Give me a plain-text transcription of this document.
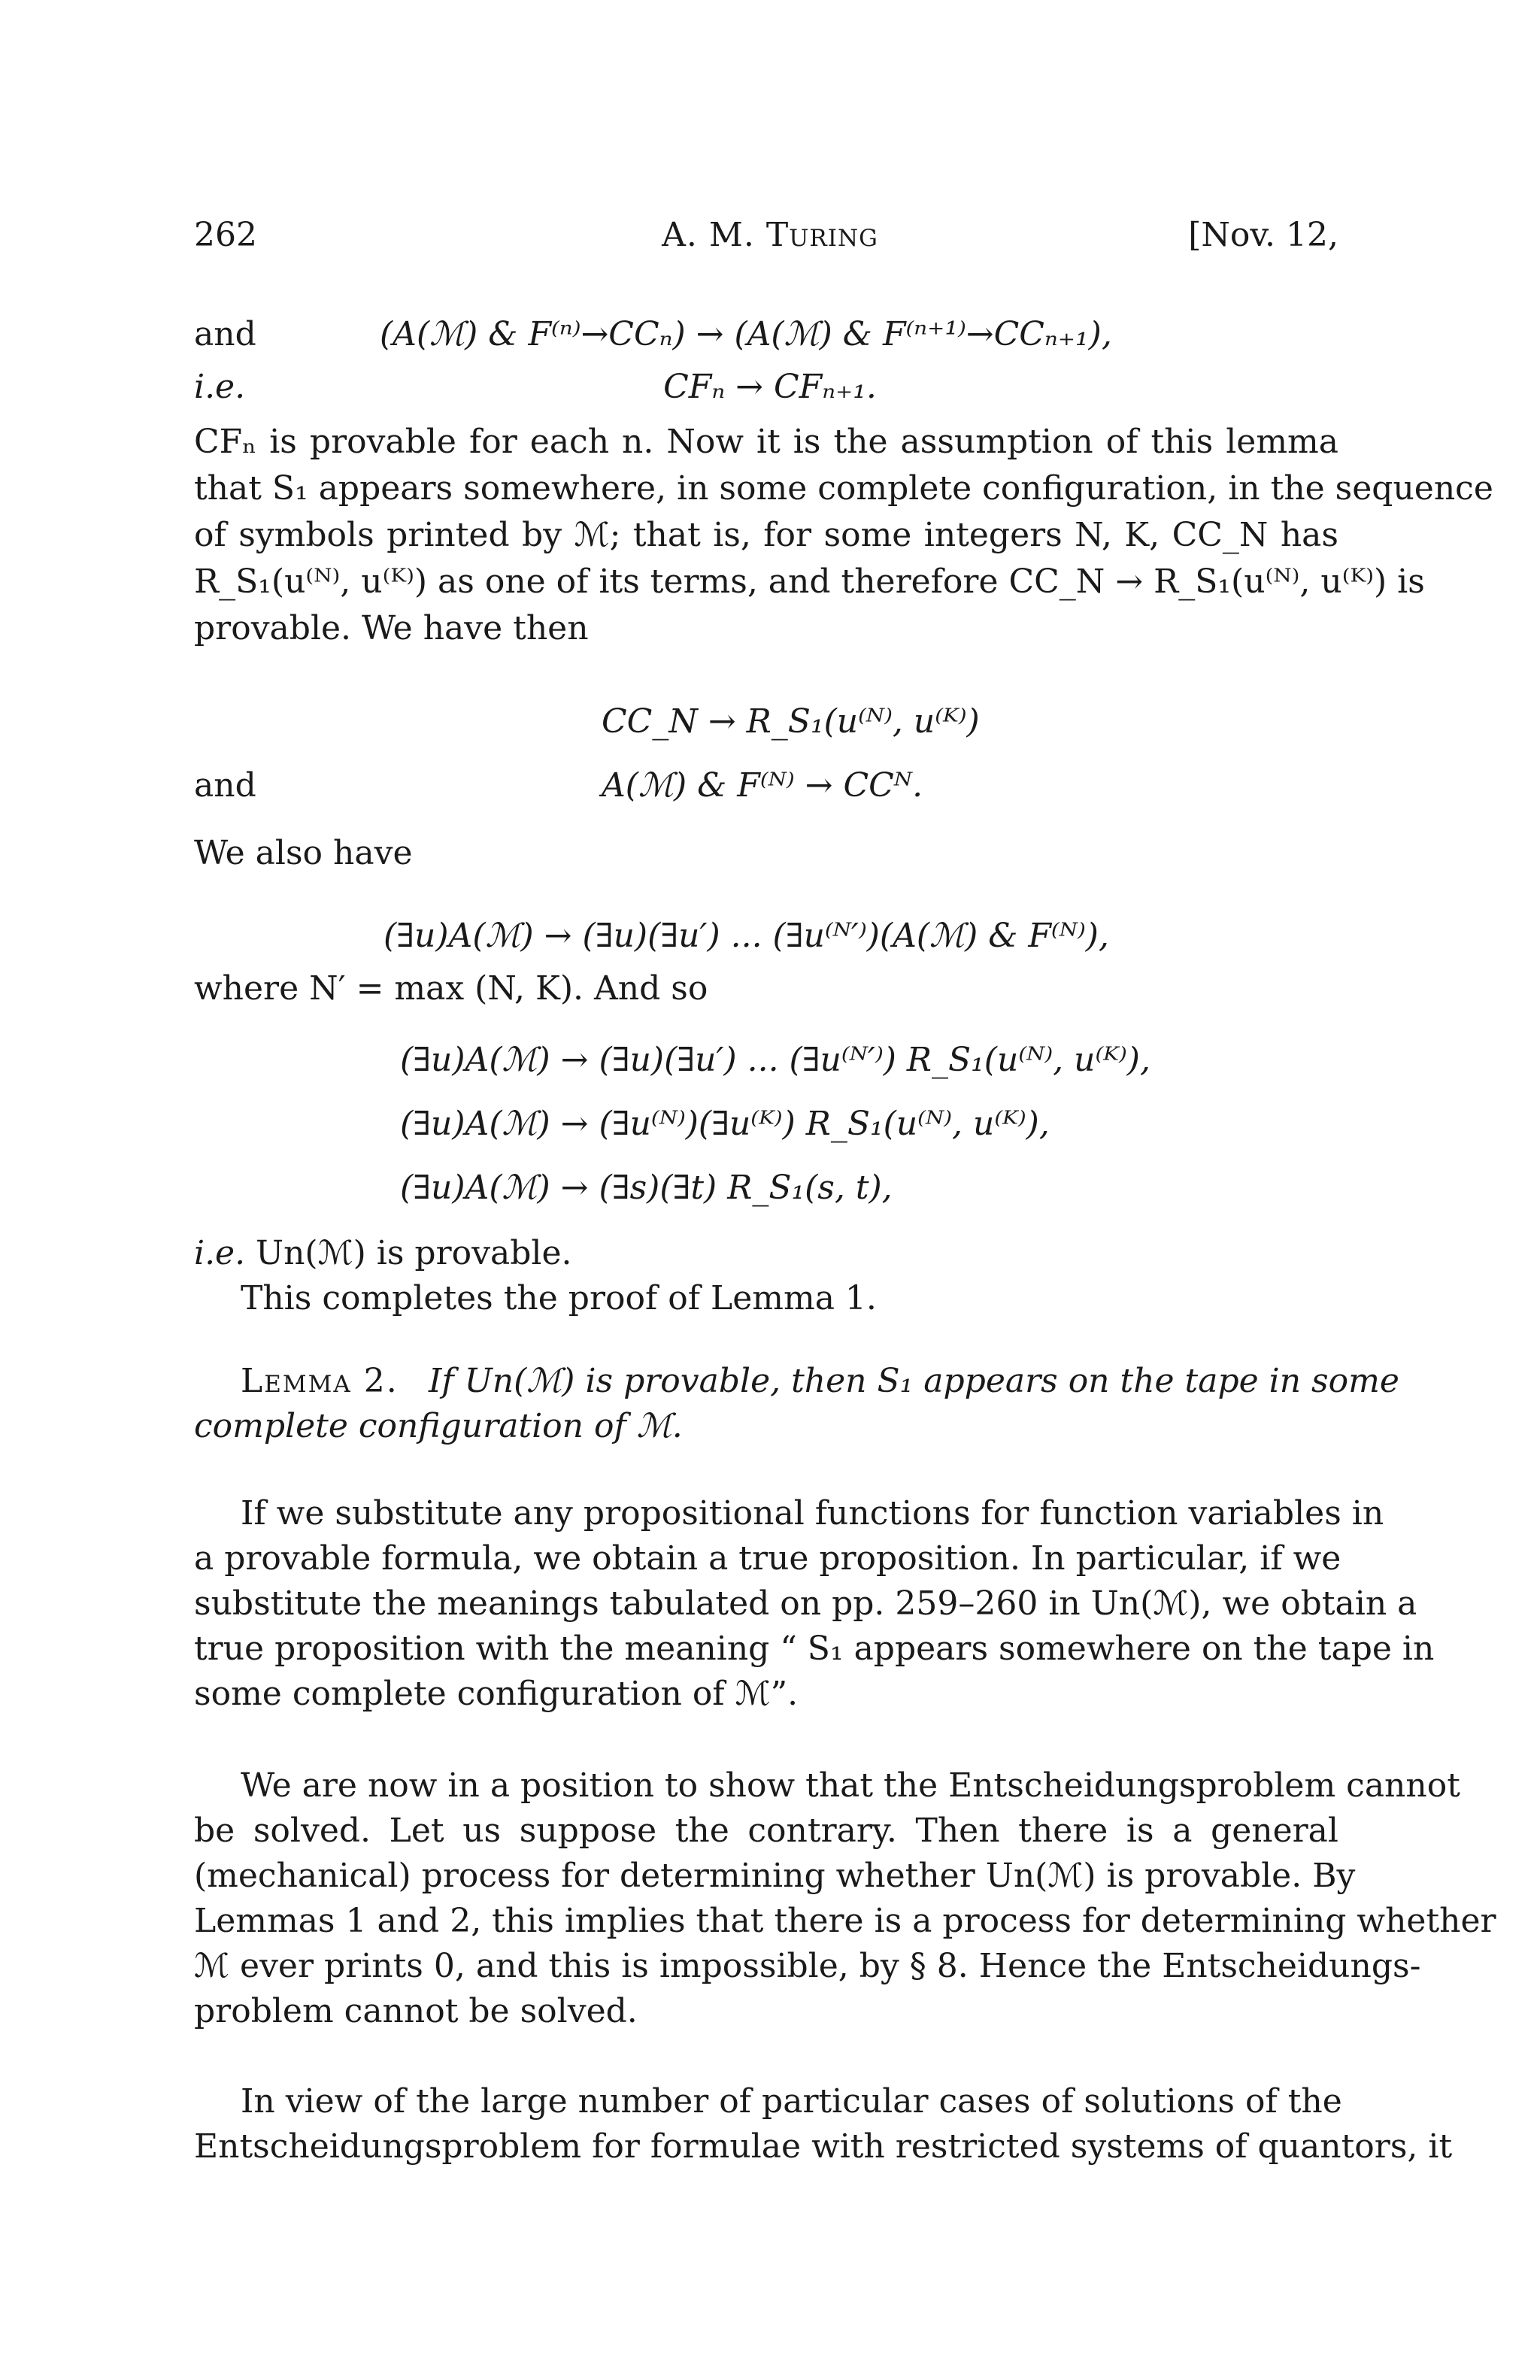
262	A. M. Turing	[Nov. 12,
and	(A(ℳ) & F⁽ⁿ⁾→CCₙ) → (A(ℳ) & F⁽ⁿ⁺¹⁾→CCₙ₊₁),
i.e.	CFₙ → CFₙ₊₁.
CFₙ is provable for each n. Now it is the assumption of this lemma
that S₁ appears somewhere, in some complete configuration, in the sequence
of symbols printed by ℳ; that is, for some integers N, K, CC_N has
R_S₁(u⁽ᴺ⁾, u⁽ᴷ⁾) as one of its terms, and therefore CC_N → R_S₁(u⁽ᴺ⁾, u⁽ᴷ⁾) is
provable. We have then
CC_N → R_S₁(u⁽ᴺ⁾, u⁽ᴷ⁾)
and	A(ℳ) & F⁽ᴺ⁾ → CCᴺ.
We also have
(∃u)A(ℳ) → (∃u)(∃u′) ... (∃u⁽ᴺ′⁾)(A(ℳ) & F⁽ᴺ⁾),
where N′ = max (N, K). And so
(∃u)A(ℳ) → (∃u)(∃u′) ... (∃u⁽ᴺ′⁾) R_S₁(u⁽ᴺ⁾, u⁽ᴷ⁾),
(∃u)A(ℳ) → (∃u⁽ᴺ⁾)(∃u⁽ᴷ⁾) R_S₁(u⁽ᴺ⁾, u⁽ᴷ⁾),
(∃u)A(ℳ) → (∃s)(∃t) R_S₁(s, t),
i.e. Un(ℳ) is provable.
This completes the proof of Lemma 1.
Lemma 2. If Un(ℳ) is provable, then S₁ appears on the tape in some
complete configuration of ℳ.
If we substitute any propositional functions for function variables in
a provable formula, we obtain a true proposition. In particular, if we
substitute the meanings tabulated on pp. 259–260 in Un(ℳ), we obtain a
true proposition with the meaning “ S₁ appears somewhere on the tape in
some complete configuration of ℳ”.
We are now in a position to show that the Entscheidungsproblem cannot
be solved. Let us suppose the contrary. Then there is a general
(mechanical) process for determining whether Un(ℳ) is provable. By
Lemmas 1 and 2, this implies that there is a process for determining whether
ℳ ever prints 0, and this is impossible, by § 8. Hence the Entscheidungs-
problem cannot be solved.
In view of the large number of particular cases of solutions of the
Entscheidungsproblem for formulae with restricted systems of quantors, it
